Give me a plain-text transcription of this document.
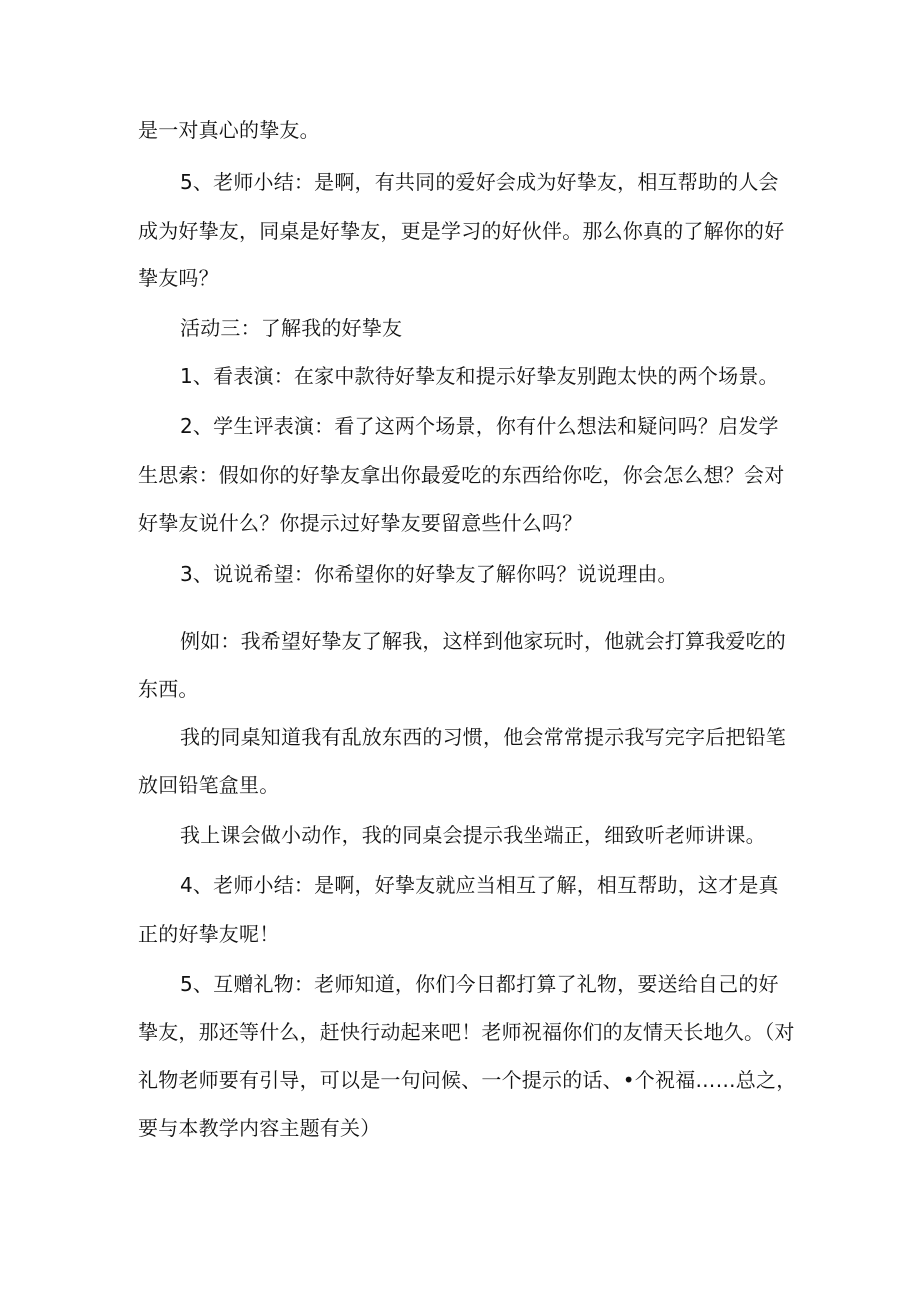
是一对真心的挚友。
5、老师小结：是啊，有共同的爱好会成为好挚友，相互帮助的人会
成为好挚友，同桌是好挚友，更是学习的好伙伴。那么你真的了解你的好
挚友吗？
活动三：了解我的好挚友
1、看表演：在家中款待好挚友和提示好挚友别跑太快的两个场景。
2、学生评表演：看了这两个场景，你有什么想法和疑问吗？启发学
生思索：假如你的好挚友拿出你最爱吃的东西给你吃，你会怎么想？会对
好挚友说什么？你提示过好挚友要留意些什么吗？
3、说说希望：你希望你的好挚友了解你吗？说说理由。
例如：我希望好挚友了解我，这样到他家玩时，他就会打算我爱吃的
东西。
我的同桌知道我有乱放东西的习惯，他会常常提示我写完字后把铅笔
放回铅笔盒里。
我上课会做小动作，我的同桌会提示我坐端正，细致听老师讲课。
4、老师小结：是啊，好挚友就应当相互了解，相互帮助，这才是真
正的好挚友呢！
5、互赠礼物：老师知道，你们今日都打算了礼物，要送给自己的好
挚友，那还等什么，赶快行动起来吧！老师祝福你们的友情天长地久。（对
礼物老师要有引导，可以是一句问候、一个提示的话、•个祝福……总之，
要与本教学内容主题有关）
